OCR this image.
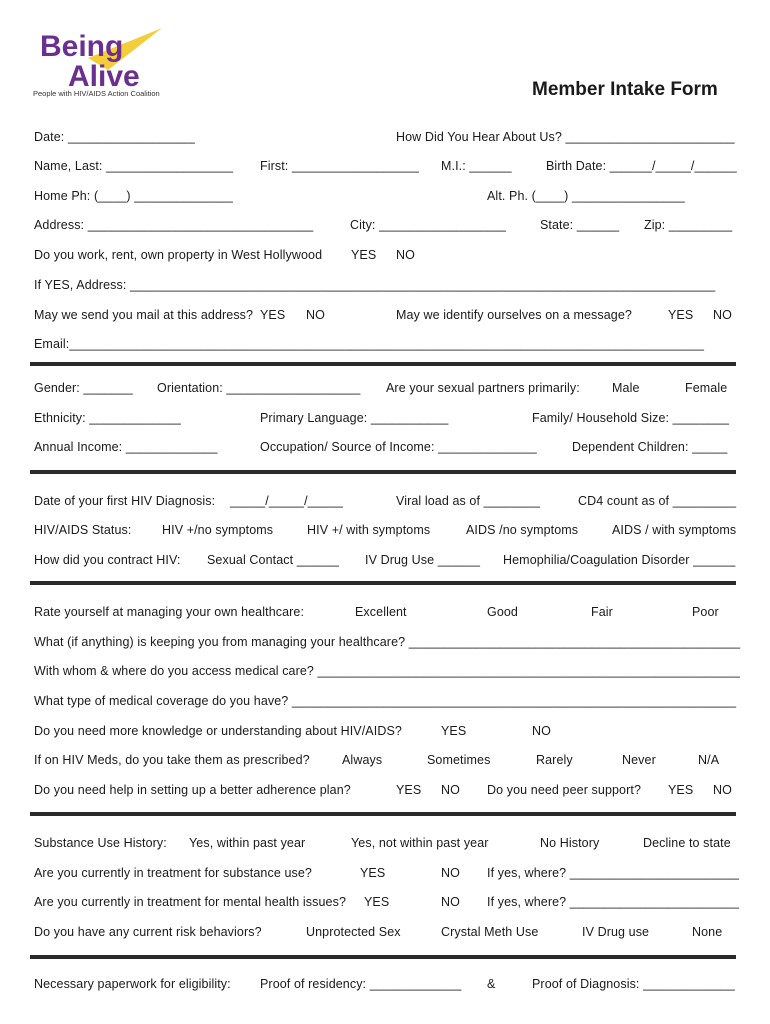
Being
Alive
People with HIV/AIDS Action Coalition	Member Intake Form
Date: __________________	How Did You Hear About Us? ________________________
Name, Last: __________________ First: __________________ M.I.: ______	Birth Date: ______/_____/______
Home Ph: (____) ______________	Alt. Ph. (____) ________________
Address: ________________________________	City: __________________	State: ______ Zip: _________
Do you work, rent, own property in West Hollywood YES NO
If YES, Address: ___________________________________________________________________________________
May we send you mail at this address? YES NO	May we identify ourselves on a message?	YES NO
Email:__________________________________________________________________________________________
Gender: _______ Orientation: ___________________ Are your sexual partners primarily:	Male	Female
Ethnicity: _____________	Primary Language: ___________	Family/ Household Size: ________
Annual Income: _____________	Occupation/ Source of Income: ______________	Dependent Children: _____
Date of your first HIV Diagnosis: _____/_____/_____	Viral load as of ________	CD4 count as of _________
HIV/AIDS Status: HIV +/no symptoms	HIV +/ with symptoms	AIDS /no symptoms	AIDS / with symptoms
How did you contract HIV: Sexual Contact ______ IV Drug Use ______ Hemophilia/Coagulation Disorder ______
Rate yourself at managing your own healthcare:	Excellent	Good	Fair	Poor
What (if anything) is keeping you from managing your healthcare? _______________________________________________
With whom & where do you access medical care? ____________________________________________________________
What type of medical coverage do you have? _______________________________________________________________
Do you need more knowledge or understanding about HIV/AIDS?	YES	NO
If on HIV Meds, do you take them as prescribed?	Always	Sometimes	Rarely	Never	N/A
Do you need help in setting up a better adherence plan?	YES NO Do you need peer support? YES NO
Substance Use History: Yes, within past year	Yes, not within past year	No History	Decline to state
Are you currently in treatment for substance use?	YES	NO If yes, where? ________________________
Are you currently in treatment for mental health issues? YES	NO If yes, where? ________________________
Do you have any current risk behaviors?	Unprotected Sex	Crystal Meth Use	IV Drug use	None
Necessary paperwork for eligibility: Proof of residency: _____________ &	Proof of Diagnosis: _____________
